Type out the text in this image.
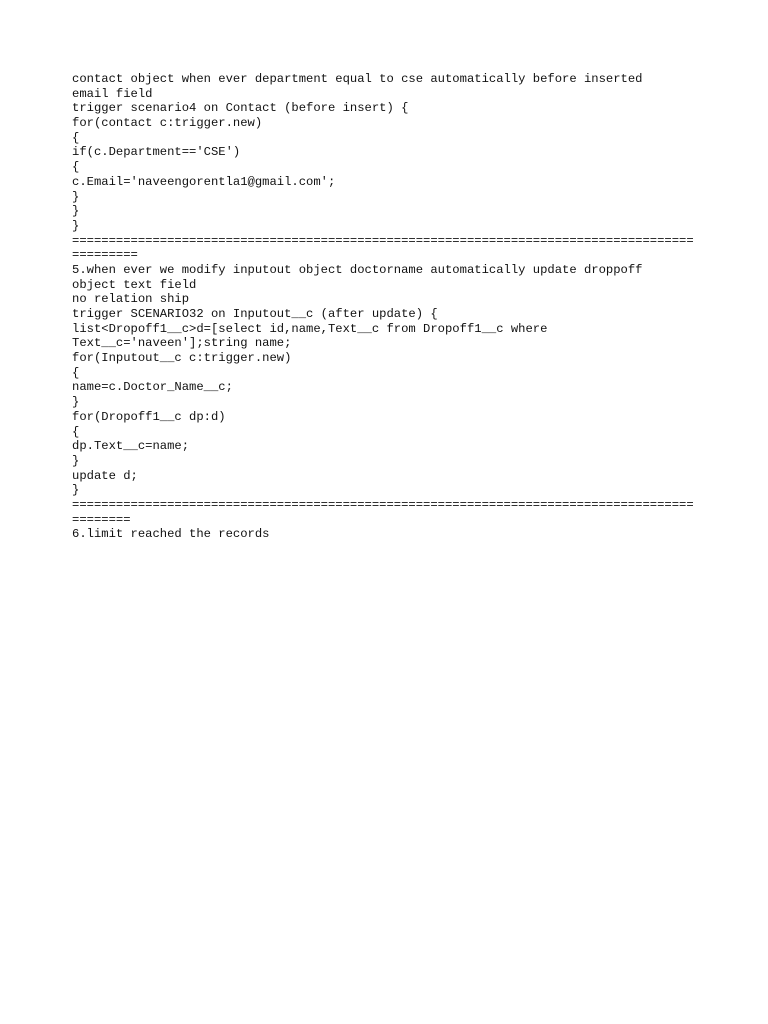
contact object when ever department equal to cse automatically before inserted
email field
trigger scenario4 on Contact (before insert) {
for(contact c:trigger.new)
{
if(c.Department=='CSE')
{
c.Email='naveengorentla1@gmail.com';
}
}
}
=====================================================================================
=========
5.when ever we modify inputout object doctorname automatically update droppoff
object text field
no relation ship
trigger SCENARIO32 on Inputout__c (after update) {
list<Dropoff1__c>d=[select id,name,Text__c from Dropoff1__c where
Text__c='naveen'];string name;
for(Inputout__c c:trigger.new)
{
name=c.Doctor_Name__c;
}
for(Dropoff1__c dp:d)
{
dp.Text__c=name;
}
update d;
}
=====================================================================================
========
6.limit reached the records
